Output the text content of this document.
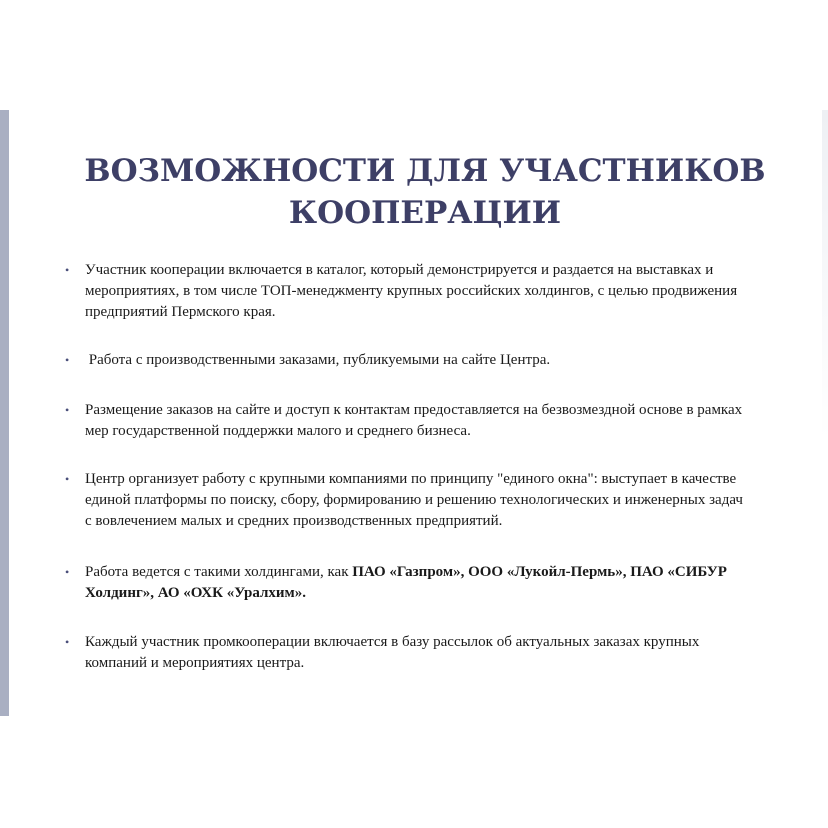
ВОЗМОЖНОСТИ ДЛЯ УЧАСТНИКОВ
КООПЕРАЦИИ
• Участник кооперации включается в каталог, который демонстрируется и раздается на выставках и
мероприятиях, в том числе ТОП-менеджменту крупных российских холдингов, с целью продвижения
предприятий Пермского края.
• Работа с производственными заказами, публикуемыми на сайте Центра.
• Размещение заказов на сайте и доступ к контактам предоставляется на безвозмездной основе в рамках
мер государственной поддержки малого и среднего бизнеса.
• Центр организует работу с крупными компаниями по принципу "единого окна": выступает в качестве
единой платформы по поиску, сбору, формированию и решению технологических и инженерных задач
с вовлечением малых и средних производственных предприятий.
• Работа ведется с такими холдингами, как ПАО «Газпром», ООО «Лукойл-Пермь», ПАО «СИБУР
Холдинг», АО «ОХК «Уралхим».
• Каждый участник промкооперации включается в базу рассылок об актуальных заказах крупных
компаний и мероприятиях центра.
